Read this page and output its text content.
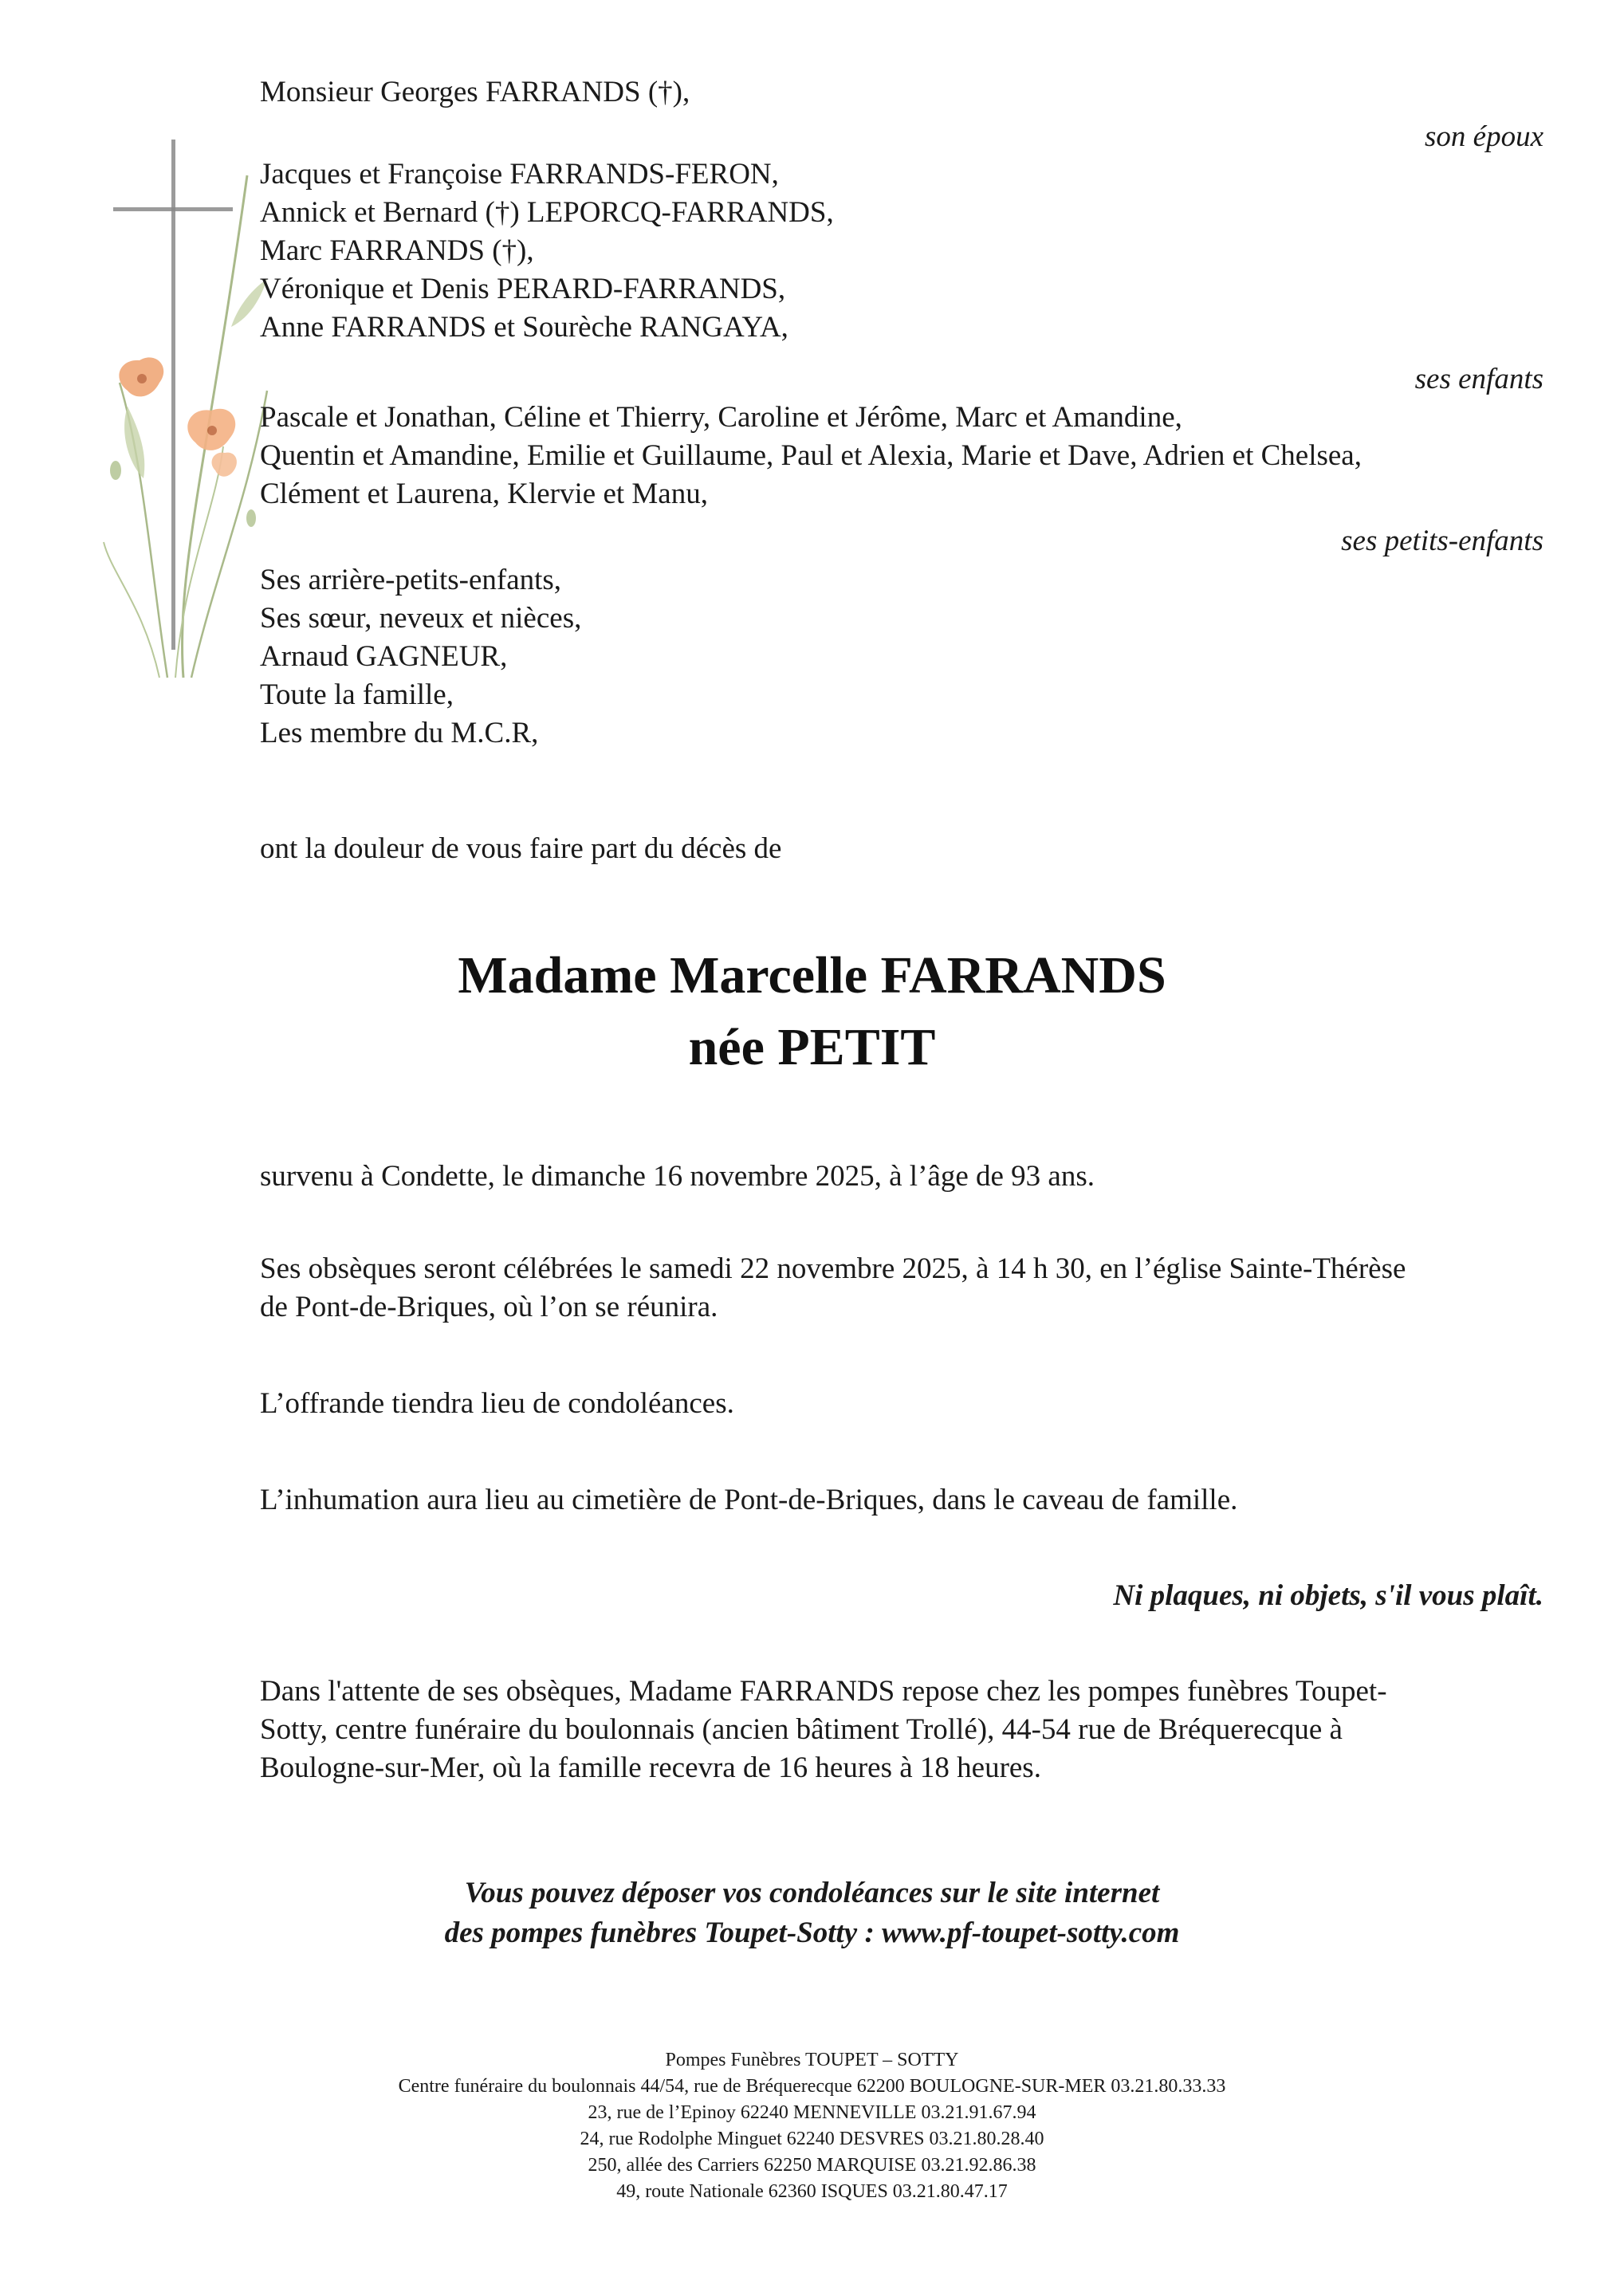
Monsieur Georges FARRANDS (†),
son époux
Jacques et Françoise FARRANDS-FERON,
Annick et Bernard (†) LEPORCQ-FARRANDS,
Marc FARRANDS (†),
Véronique et Denis PERARD-FARRANDS,
Anne FARRANDS et Sourèche RANGAYA,
ses enfants
Pascale et Jonathan, Céline et Thierry, Caroline et Jérôme, Marc et Amandine,
Quentin et Amandine, Emilie et Guillaume, Paul et Alexia, Marie et Dave, Adrien et Chelsea,
Clément et Laurena, Klervie et Manu,
ses petits-enfants
Ses arrière-petits-enfants,
Ses sœur, neveux et nièces,
Arnaud GAGNEUR,
Toute la famille,
Les membre du M.C.R,
ont la douleur de vous faire part du décès de
Madame Marcelle FARRANDS
née PETIT
survenu à Condette, le dimanche 16 novembre 2025, à l’âge de 93 ans.
Ses obsèques seront célébrées le samedi 22 novembre 2025, à 14 h 30, en l’église Sainte-Thérèse
de Pont-de-Briques, où l’on se réunira.
L’offrande tiendra lieu de condoléances.
L’inhumation aura lieu au cimetière de Pont-de-Briques, dans le caveau de famille.
Ni plaques, ni objets, s'il vous plaît.
Dans l'attente de ses obsèques, Madame FARRANDS repose chez les pompes funèbres Toupet-
Sotty, centre funéraire du boulonnais (ancien bâtiment Trollé), 44-54 rue de Bréquerecque à
Boulogne-sur-Mer, où la famille recevra de 16 heures à 18 heures.
Vous pouvez déposer vos condoléances sur le site internet
des pompes funèbres Toupet-Sotty : www.pf-toupet-sotty.com
Pompes Funèbres TOUPET – SOTTY
Centre funéraire du boulonnais 44/54, rue de Bréquerecque 62200 BOULOGNE-SUR-MER 03.21.80.33.33
23, rue de l’Epinoy 62240 MENNEVILLE 03.21.91.67.94
24, rue Rodolphe Minguet 62240 DESVRES 03.21.80.28.40
250, allée des Carriers 62250 MARQUISE 03.21.92.86.38
49, route Nationale 62360 ISQUES 03.21.80.47.17
